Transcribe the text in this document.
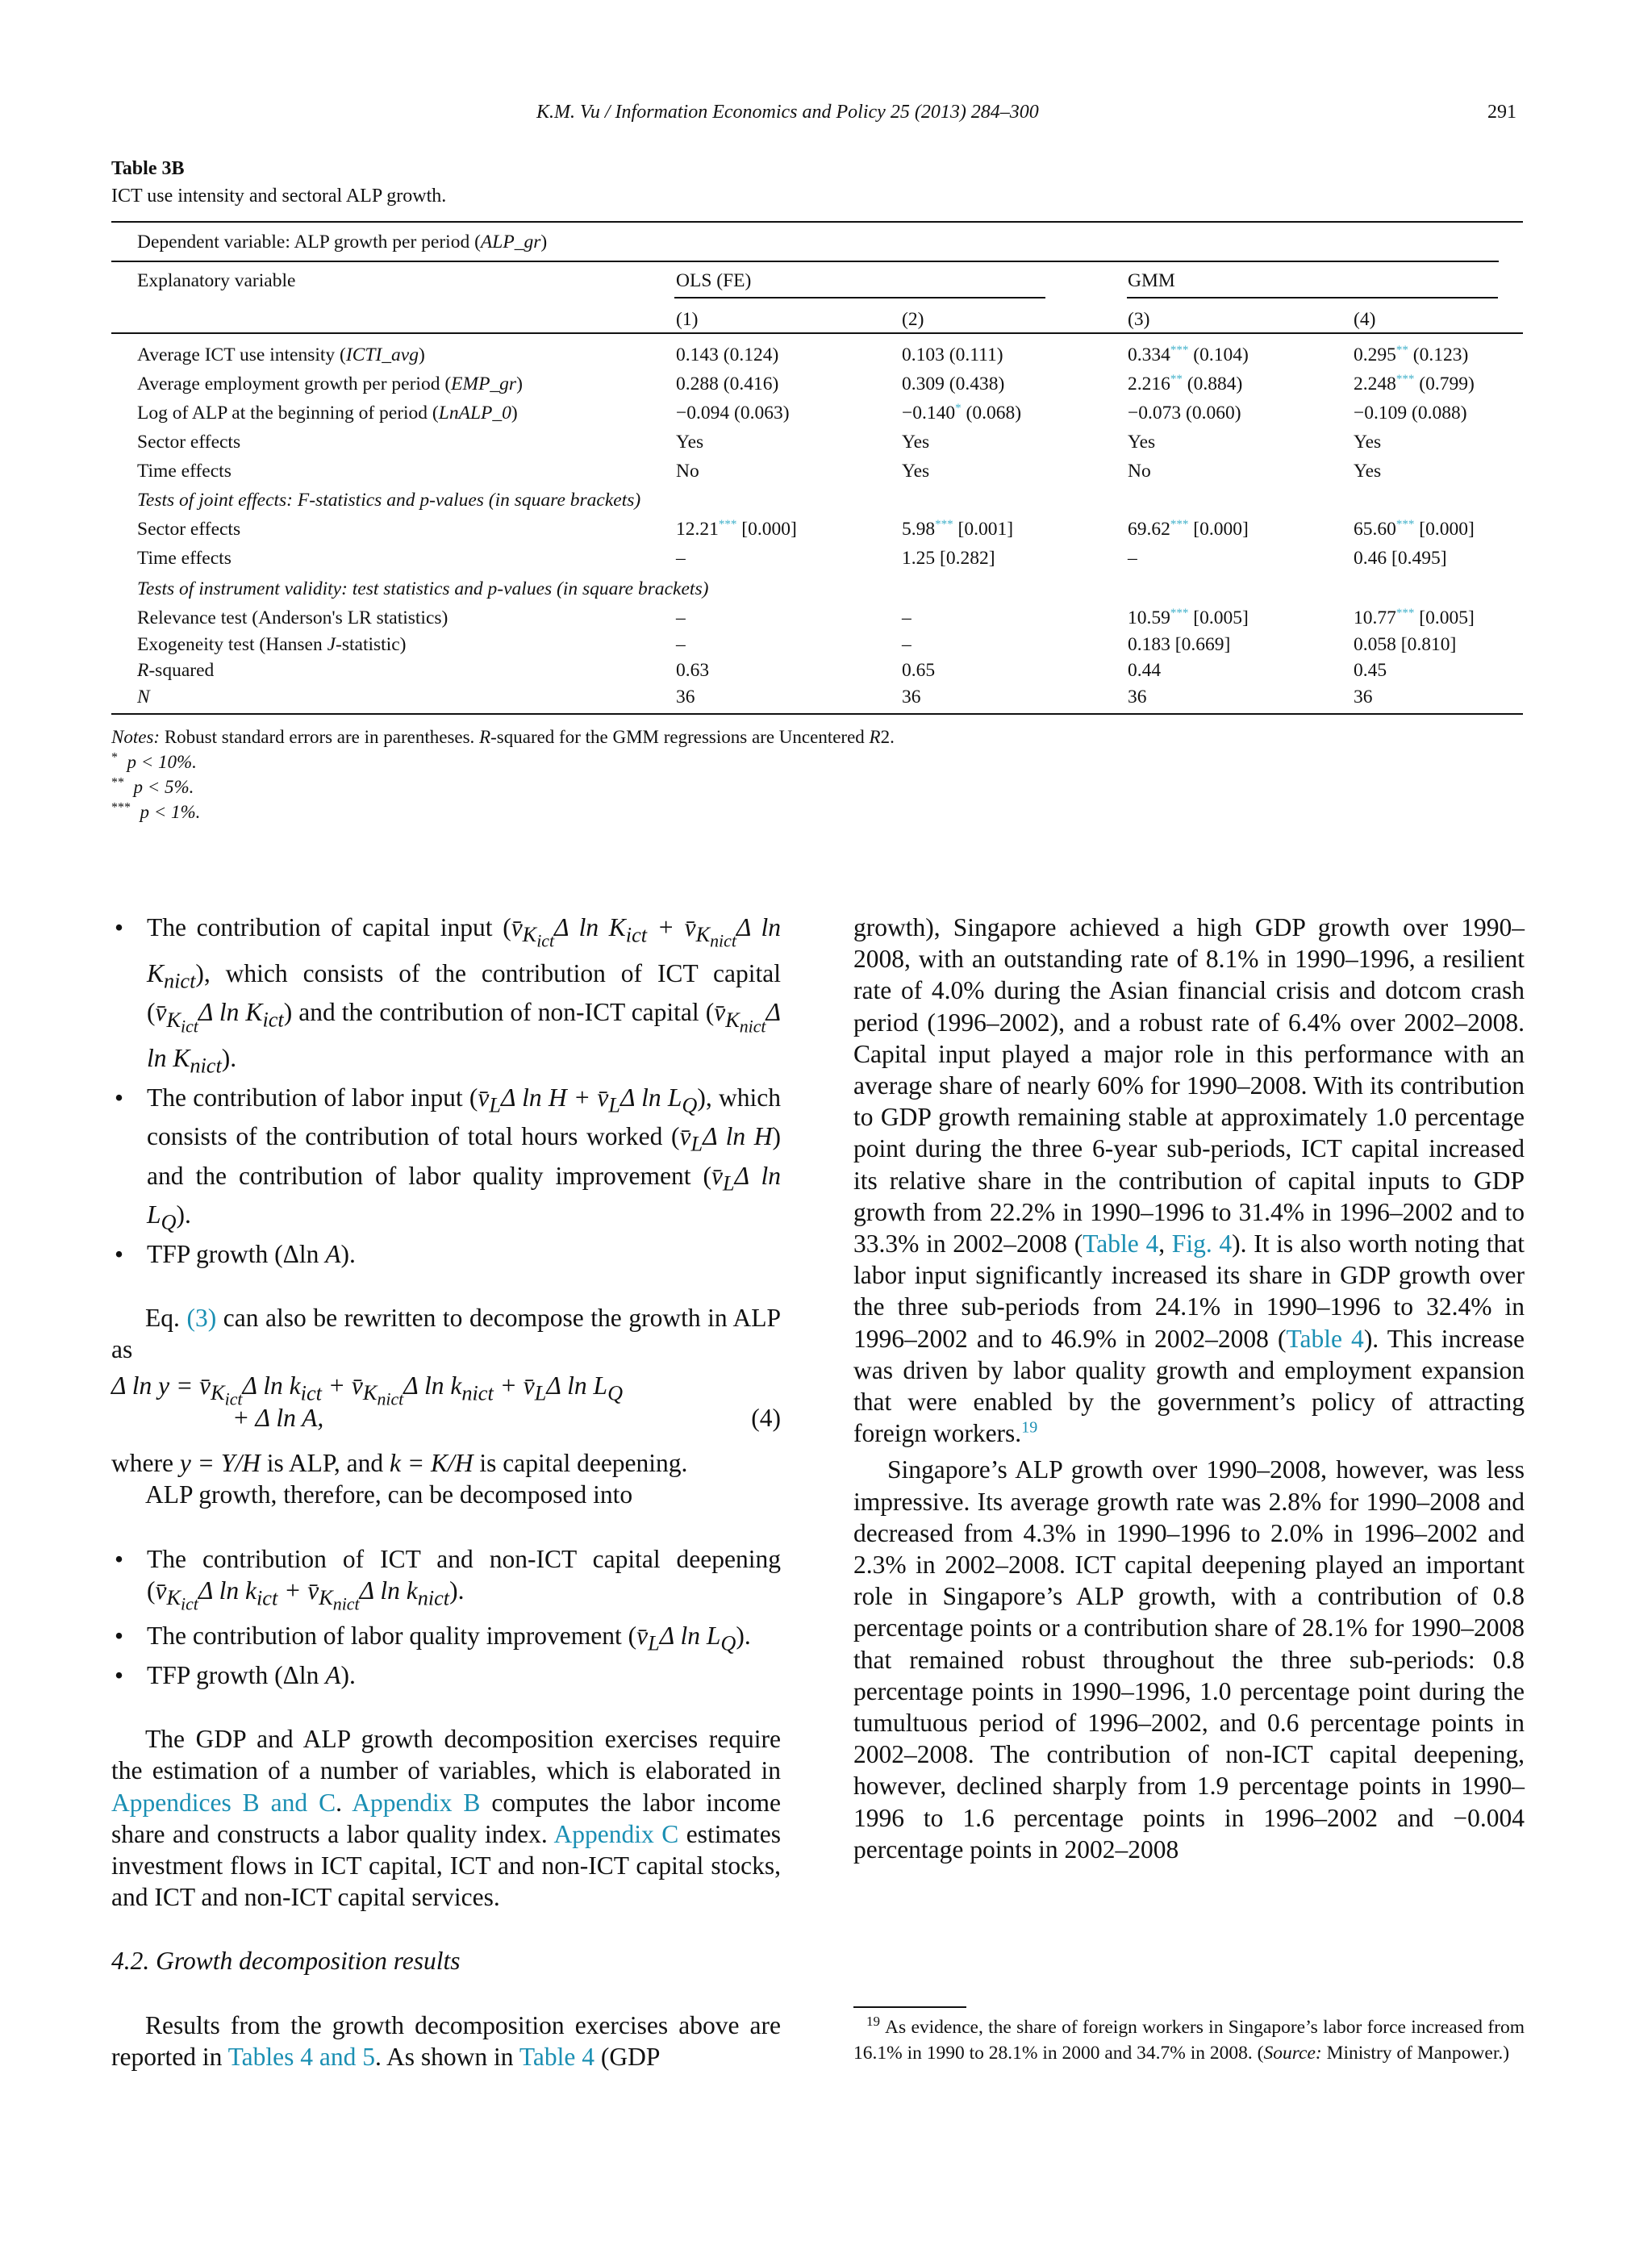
K.M. Vu / Information Economics and Policy 25 (2013) 284–300	291
Table 3B
ICT use intensity and sectoral ALP growth.
Dependent variable: ALP growth per period (ALP_gr)
Explanatory variable	OLS (FE)	GMM
(1)	(2)	(3)	(4)
Average ICT use intensity (ICTI_avg)	0.143 (0.124)	0.103 (0.111)	0.334*** (0.104)	0.295** (0.123)
Average employment growth per period (EMP_gr)	0.288 (0.416)	0.309 (0.438)	2.216** (0.884)	2.248*** (0.799)
Log of ALP at the beginning of period (LnALP_0)	−0.094 (0.063)	−0.140* (0.068)	−0.073 (0.060)	−0.109 (0.088)
Sector effects	Yes	Yes	Yes	Yes
Time effects	No	Yes	No	Yes
Tests of joint effects: F-statistics and p-values (in square brackets)
Sector effects	12.21*** [0.000]	5.98*** [0.001]	69.62*** [0.000]	65.60*** [0.000]
Time effects	–	1.25 [0.282]	–	0.46 [0.495]
Tests of instrument validity: test statistics and p-values (in square brackets)
Relevance test (Anderson's LR statistics)	–	–	10.59*** [0.005]	10.77*** [0.005]
Exogeneity test (Hansen J-statistic)	–	–	0.183 [0.669]	0.058 [0.810]
R-squared	0.63	0.65	0.44	0.45
N	36	36	36	36
Notes: Robust standard errors are in parentheses. R-squared for the GMM regressions are Uncentered R2.
* p < 10%.
** p < 5%.
*** p < 1%.

• The contribution of capital input ($v̄_{K_{ict}}\Delta$ $\ln K_{ict}$ + $v̄_{K_{nict}}\Delta$ $\ln K_{nict}$), which consists of the contribution of ICT capital ($v̄_{K_{ict}}\Delta$ $\ln K_{ict}$) and the contribution of non-ICT capital ($v̄_{K_{nict}}\Delta$ $\ln K_{nict}$).

• The contribution of labor input ($v̄_L\Delta$ $\ln H + v̄_L\Delta$ $\ln L_Q$), which consists of the contribution of total hours worked ($v̄_L\Delta$ ln H) and the contribution of labor quality improvement ($v̄_L\Delta$ $\ln L_Q$).

• TFP growth (Δln A).

Eq. (3) can also be rewritten to decompose the growth in ALP as

Δ $\ln y = v̄_{K_{ict}}\Delta$ $\ln k_{ict}$ + $v̄_{K_{nict}}\Delta$ $\ln k_{nict}$ + $v̄_L\Delta$ $\ln L_Q$
+ Δ ln A,	(4)

where y = Y/H is ALP, and k = K/H is capital deepening.

ALP growth, therefore, can be decomposed into

• The contribution of ICT and non-ICT capital deepening ($v̄_{K_{ict}}\Delta$ $\ln k_{ict}$ + $v̄_{K_{nict}}\Delta$ $\ln k_{nict}$).

• The contribution of labor quality improvement ($v̄_L\Delta$ $\ln L_Q$).

• TFP growth (Δln A).

The GDP and ALP growth decomposition exercises require the estimation of a number of variables, which is elaborated in Appendices B and C. Appendix B computes the labor income share and constructs a labor quality index. Appendix C estimates investment flows in ICT capital, ICT and non-ICT capital stocks, and ICT and non-ICT capital services.

4.2. Growth decomposition results

Results from the growth decomposition exercises above are reported in Tables 4 and 5. As shown in Table 4 (GDP

growth), Singapore achieved a high GDP growth over 1990–2008, with an outstanding rate of 8.1% in 1990–1996, a resilient rate of 4.0% during the Asian financial crisis and dotcom crash period (1996–2002), and a robust rate of 6.4% over 2002–2008. Capital input played a major role in this performance with an average share of nearly 60% for 1990–2008. With its contribution to GDP growth remaining stable at approximately 1.0 percentage point during the three 6-year sub-periods, ICT capital increased its relative share in the contribution of capital inputs to GDP growth from 22.2% in 1990–1996 to 31.4% in 1996–2002 and to 33.3% in 2002–2008 (Table 4, Fig. 4). It is also worth noting that labor input significantly increased its share in GDP growth over the three sub-periods from 24.1% in 1990–1996 to 32.4% in 1996–2002 and to 46.9% in 2002–2008 (Table 4). This increase was driven by labor quality growth and employment expansion that were enabled by the government’s policy of attracting foreign workers.$^{19}$

Singapore’s ALP growth over 1990–2008, however, was less impressive. Its average growth rate was 2.8% for 1990–2008 and decreased from 4.3% in 1990–1996 to 2.0% in 1996–2002 and 2.3% in 2002–2008. ICT capital deepening played an important role in Singapore’s ALP growth, with a contribution of 0.8 percentage points or a contribution share of 28.1% for 1990–2008 that remained robust throughout the three sub-periods: 0.8 percentage points in 1990–1996, 1.0 percentage point during the tumultuous period of 1996–2002, and 0.6 percentage points in 2002–2008. The contribution of non-ICT capital deepening, however, declined sharply from 1.9 percentage points in 1990–1996 to 1.6 percentage points in 1996–2002 and −0.004 percentage points in 2002–2008

$^{19}$ As evidence, the share of foreign workers in Singapore’s labor force increased from 16.1% in 1990 to 28.1% in 2000 and 34.7% in 2008. (Source: Ministry of Manpower.)
